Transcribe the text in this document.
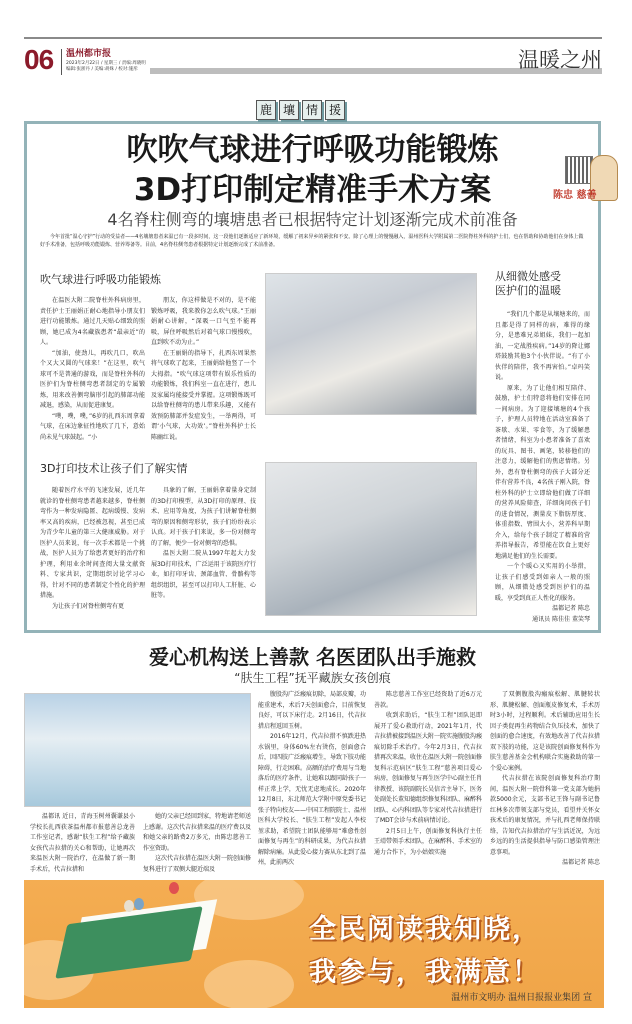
06 温州都市报
2023年2月22日 / 星期三 / 责编:周晓明
编辑:张浙丹 / 美编:胡姝 / 校对:施彤	温暖之州
鹿 壤 情 援
吹吹气球进行呼吸功能锻炼
3D打印制定精准手术方案
4名脊柱侧弯的壤塘患者已根据特定计划逐渐完成术前准备
陈忠 慈善
今年首批“温心守护”行动的受益者——4名壤塘患者来温已有一段多时间，这一段他们逐渐适应了新环境，缓解了初来异乡的紧张和不安。除了心理上的慢慢融入，温州医科大学附属第二医院脊柱外科的护士们，也在帮助和协助他们在身体上做好手术准备，包括呼吸功能锻炼、营养筹备等。目前，4名脊柱侧弯患者根据特定计划逐渐完成了术前准备。
吹气球进行呼吸功能锻炼

在温医大附二院脊柱外科病房里，责任护士王丽娟正耐心地指导小朋友们进行功能锻炼。通过几天贴心细致的照顾，她已成为4名藏族患者“最亲近”的人。

“加油，使劲儿，再吹几口，吹出个又大又圆的气球来！”在这里，吹气球可不是普通的游戏，而是脊柱外科的医护们为脊柱侧弯患者制定的专属锻炼，用来改善侧弯脑形引起的肺部功能减退，感染，从而促进康复。

“噗，噗，噗，”6岁的扎西东周拿着气球，在床边象征性地吹了几下，意始尚未见气球鼓起。“小

朋友，你这样做是不对的，是不能锻炼呼吸，我来教你怎么吹气球。”王丽娟耐心讲解，“深吸一口气至不能再吸，屏住呼吸然后对着气球口慢慢吹，直到吹不动为止。”

在王丽娟的指导下，扎西东周果然将气球吹了起来，王丽娟给他竖了一个大拇指。“吹气球这项带有娱乐性质的功能锻炼，我们科室一直在进行，患儿及家属均能接受并掌握。这项锻炼既可以给脊柱侧弯的患儿带来乐趣，又能有效预防肺部并发症发生，一举两得，可谓‘小气球，大功效’。”脊柱外科护士长陈幽红说。

3D打印技术让孩子们了解实情

随着医疗水平的飞速发展，近几年就诊的脊柱侧弯患者越来越多，脊柱侧弯作为一种发病隐匿、起病缓慢、发病率又高的疾病，已经被忽视，甚至已成为青少年儿童的第三大健康威胁。对于医护人员来说，每一次手术都是一个挑战，医护人员为了给患者更好的治疗和护理，利用业余时间查阅大量文献资料、专家共识，定期组织讨论学习心得，针对不同的患者制定个性化的护理措施。

为让孩子们对脊柱侧弯有更

具象的了解，王丽娟拿着量身定制的3D打印模型，从3D打印的原理、技术、应用等角度，为孩子们讲解脊柱侧弯的原因和侧弯形状，孩子们纷纷表示认真。对于孩子们来说，多一份对侧弯的了解，便少一份对侧弯的恐惧。

温医大附二院从1997年起大力发展3D打印技术，广泛运用于该院医疗行业，如打印牙齿、颈部血管、骨骼构等组织组织，甚至可以打印人工肝脏、心脏等。

从细微处感受
医护们的温暖

“我们几个都是从壤塘来的，而且都是得了同样的病，难得的缘分，是患难兄弟姐妹，我们一起加油，一定战胜疾病。”14岁的降让娜塔鼓励其他3个小伙伴说。“有了小伙伴的陪伴，我不再害怕。”卓玛笑说。

原来，为了让他们相互陪伴、鼓励，护士们特意将他们安排在同一间病房。为了迎接壤塘的4个孩子，护理人员特地在活动室准备了茶歇、水果、零食等，为了缓解患者情绪，科室为小患者准备了喜欢的玩具、图书、画笔，转移他们的注意力，缓解他们的焦虑情绪。另外，患有脊柱侧弯的孩子大部分还伴有营养不良，4名孩子刚入院，脊柱外科的护士立即给他们做了详细的营养风险筛查，详细询问孩子们的进食情况，测量皮下脂肪厚度、体重指数、臂围大小，营养科早期介入，给每个孩子制定了精准的营养指导报告，希望能在饮食上更好地满足他们的生长需要。

一个个暖心又实用的小举措，让孩子们感受到如亲人一般的照顾，从细微处感受到医护们的温暖，享受到真正人性化的服务。

温都记者 陈忠
通讯员 陈佳佳 董笑琴
爱心机构送上善款 名医团队出手施救
“肤生工程”抚平藏族女孩创痕

温都讯 近日，青海玉树州囊谦县小学校长扎西获茶温州都市报慈善总龙善工作室记者，感谢“肤生工程”给予藏族女孩代吉拉措的关心和帮助，让她再次来温医大附一院治疗，在温做了新一期手术后，代吉拉措和

她的父亲已经回到家，特地请老师送上感谢。这次代吉拉措来温的医疗费以及和她父亲的路费2万多元，由陈忠慈善工作室资助。

这次代吉拉措在温医大附一院创面修复科进行了双侧大腿近端及

腹股沟广泛瘢痕切除，局部皮瓣，功能重建术，术后7天创面愈合，目前恢复良好，可以下床行走。2月16日，代吉拉措启程返回玉树。

2016年12月，代吉拉措不慎跌进热水锅里，身体60%左右烫伤，创面愈合后，因四肢广泛瘢痕增生，导致下肢功能障碍，行走困难。高额的治疗费用与当地落后的医疗条件，让她难以跟同龄孩子一样正常上学，无忧无虑地成长。2020年12月8日，东北师范大学附中原党委书记张子特向校友——中国工程院院士、温州医科大学校长、“肤生工程”发起人李校堃求助，希望院士团队能够用“难愈性创面修复与再生”的科研成果，为代吉拉措解除病痛。从此爱心接力赛从东北到了温州，此前两次

陈忠慈善工作室已经资助了近6万元善款。

收到求助后，“肤生工程”团队迅即展开了爱心救助行动，2021年1月，代吉拉措被接到温医大附一院实施腹股沟瘢痕切除手术治疗。今年2月3日，代吉拉措再次来温，收住在温医大附一院创面修复科示范病区“肤生工程”慈善项目爱心病房，创面修复与再生医学中心副主任肖律教授、该院副院长吴信音主导下，医务处副处长董知德组织修复科团队、麻醉科团队、心内科团队等专家对代吉拉措进行了MDT会诊与术前病情讨论。

2月5日上午，创面修复科执行主任王靖带领手术团队，在麻醉科、手术室的通力合作下，为小姑娘实施

了双侧腹股沟瘢痕松解、肌腱转状形、肌腱松解、创面瓶皮修复术，手术历时3小时，过程顺利。术后辅助应用生长因子类促再生药物结合负压技术，加快了创面的愈合速度，有效地改善了代吉拉措双下肢的功能，这是该院创面修复科作为肤生慈善基金会机构联合实施救助的第一个爱心案例。

代吉拉措在该院创面修复科治疗期间，温医大附一院骨科第一党支部为她捐款5000余元，支部书记王锋与副书记鲁红林多次带领支部与党员，看望并关怀女孩术后的康复情况，并与扎西老师保持联络，告知代吉拉措治疗与生活近况，为远乡远的的生活提供指导与防口感染管理注意事项。

温都记者 陈忠
全民阅读我知晓，
我参与，我满意！
温州市文明办 温州日报报业集团 宣
